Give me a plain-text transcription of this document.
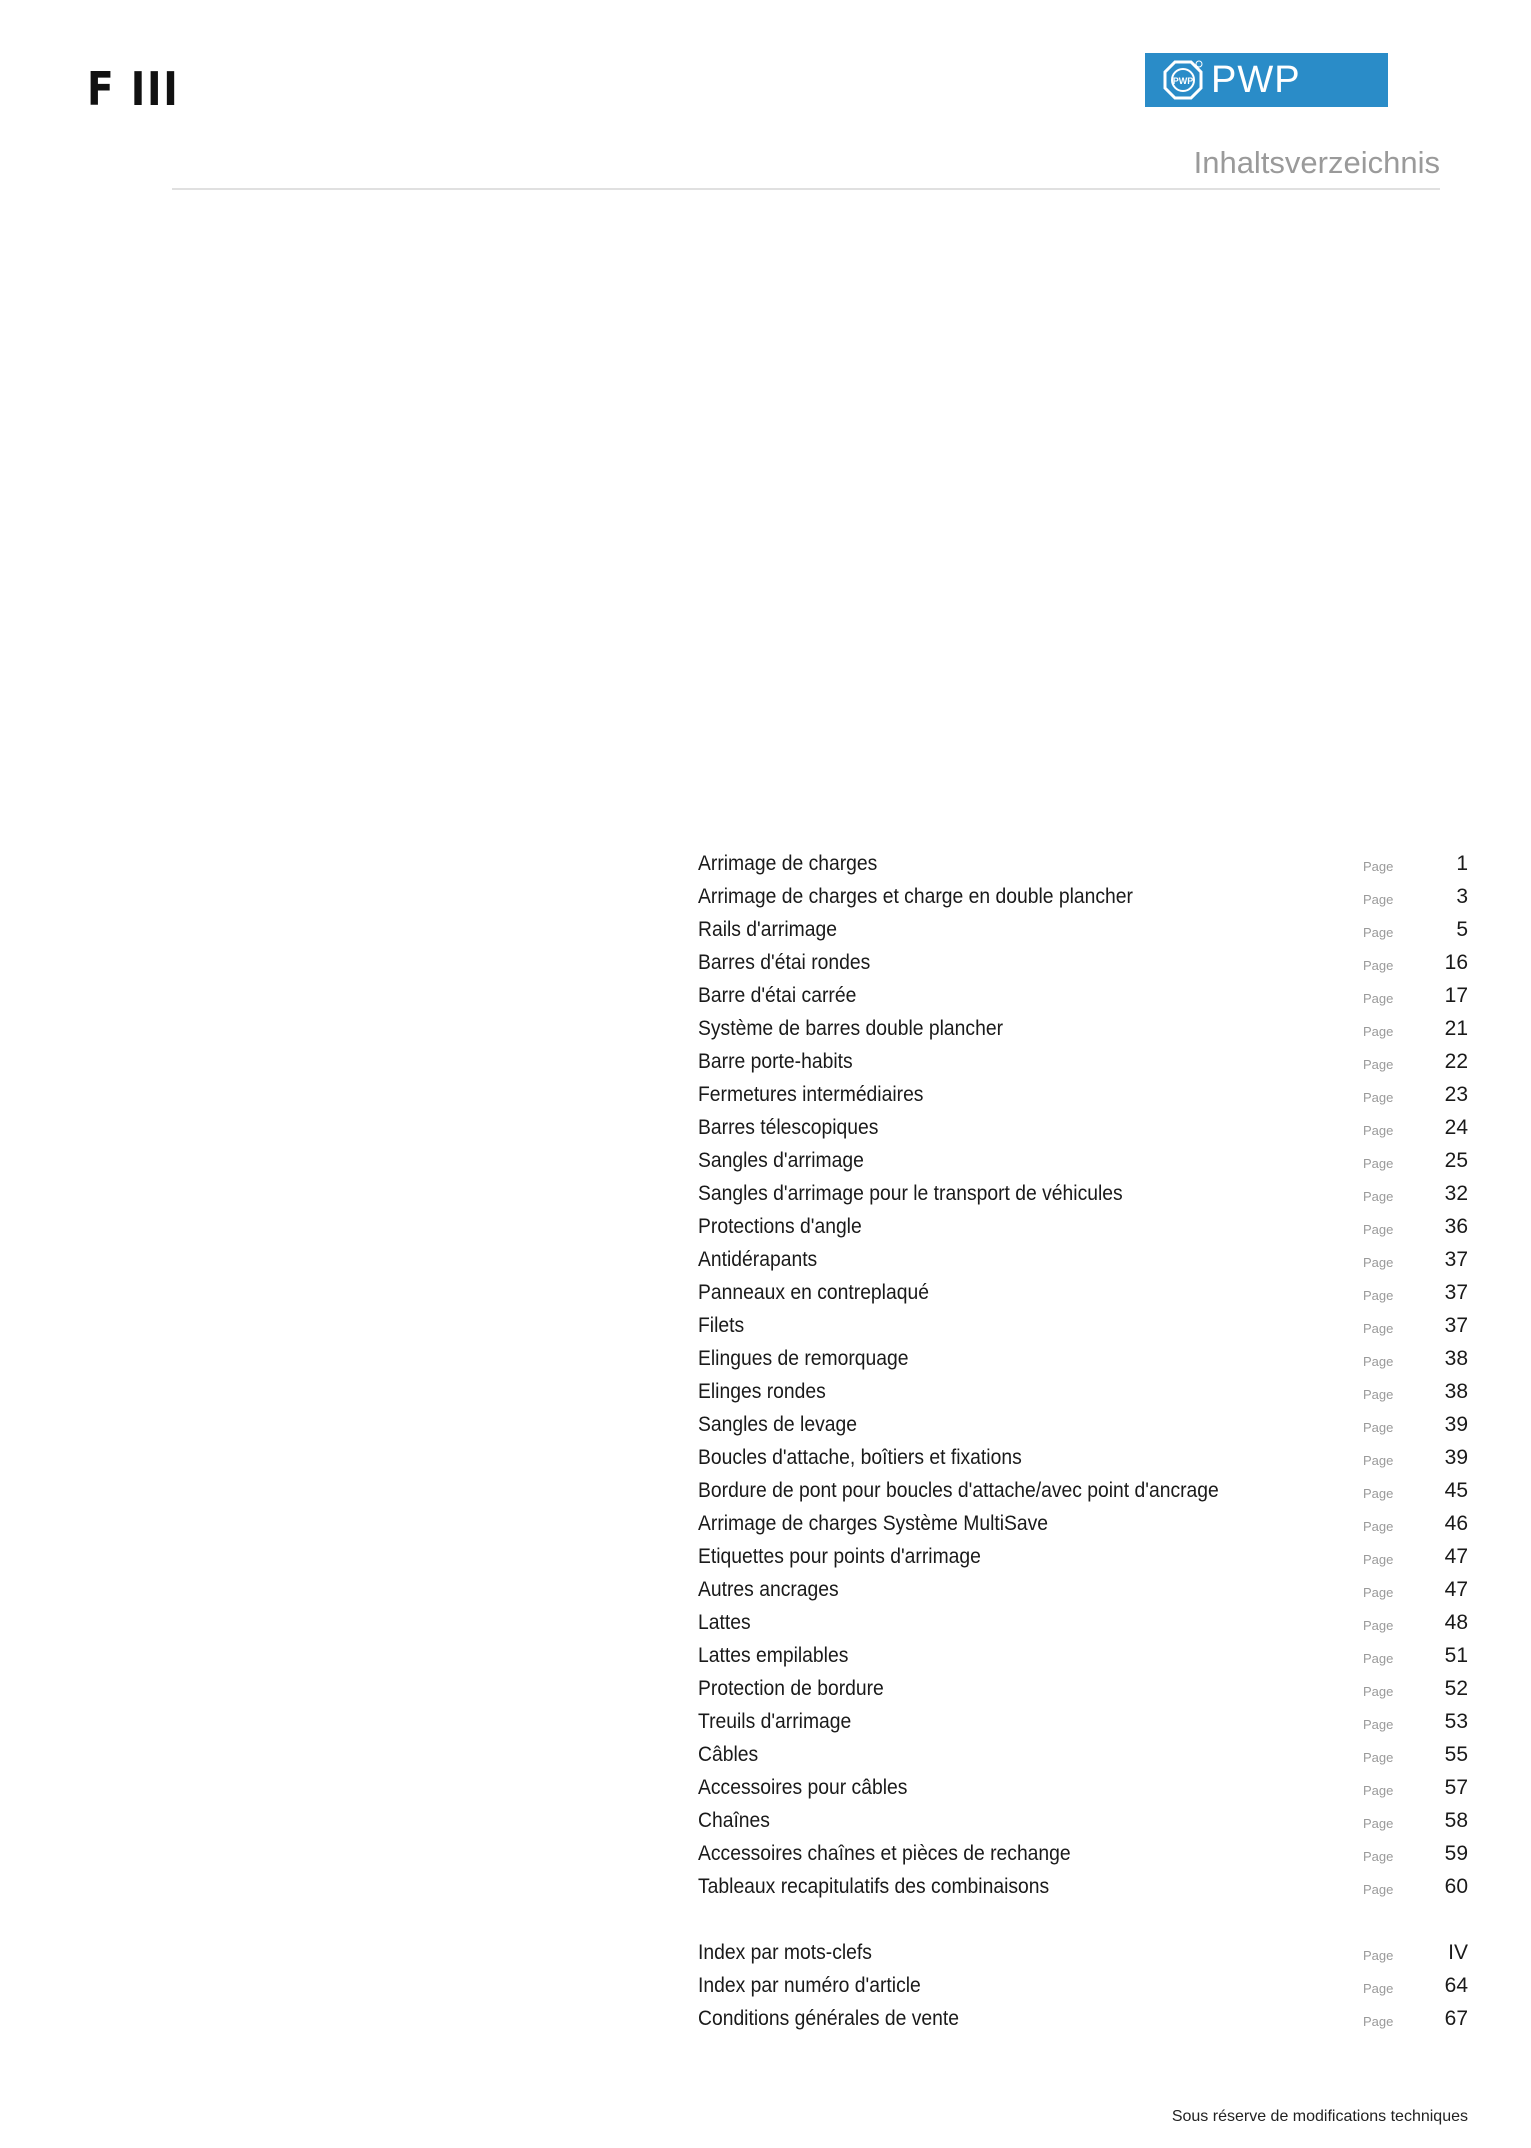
F III	PWP PWP
Inhaltsverzeichnis
Arrimage de charges	Page	1
Arrimage de charges et charge en double plancher	Page	3
Rails d'arrimage	Page	5
Barres d'étai rondes	Page	16
Barre d'étai carrée	Page	17
Système de barres double plancher	Page	21
Barre porte-habits	Page	22
Fermetures intermédiaires	Page	23
Barres télescopiques	Page	24
Sangles d'arrimage	Page	25
Sangles d'arrimage pour le transport de véhicules	Page	32
Protections d'angle	Page	36
Antidérapants	Page	37
Panneaux en contreplaqué	Page	37
Filets	Page	37
Elingues de remorquage	Page	38
Elinges rondes	Page	38
Sangles de levage	Page	39
Boucles d'attache, boîtiers et fixations	Page	39
Bordure de pont pour boucles d'attache/avec point d'ancrage	Page	45
Arrimage de charges Système MultiSave	Page	46
Etiquettes pour points d'arrimage	Page	47
Autres ancrages	Page	47
Lattes	Page	48
Lattes empilables	Page	51
Protection de bordure	Page	52
Treuils d'arrimage	Page	53
Câbles	Page	55
Accessoires pour câbles	Page	57
Chaînes	Page	58
Accessoires chaînes et pièces de rechange	Page	59
Tableaux recapitulatifs des combinaisons	Page	60
Index par mots-clefs	Page	IV
Index par numéro d'article	Page	64
Conditions générales de vente	Page	67
Sous réserve de modifications techniques
